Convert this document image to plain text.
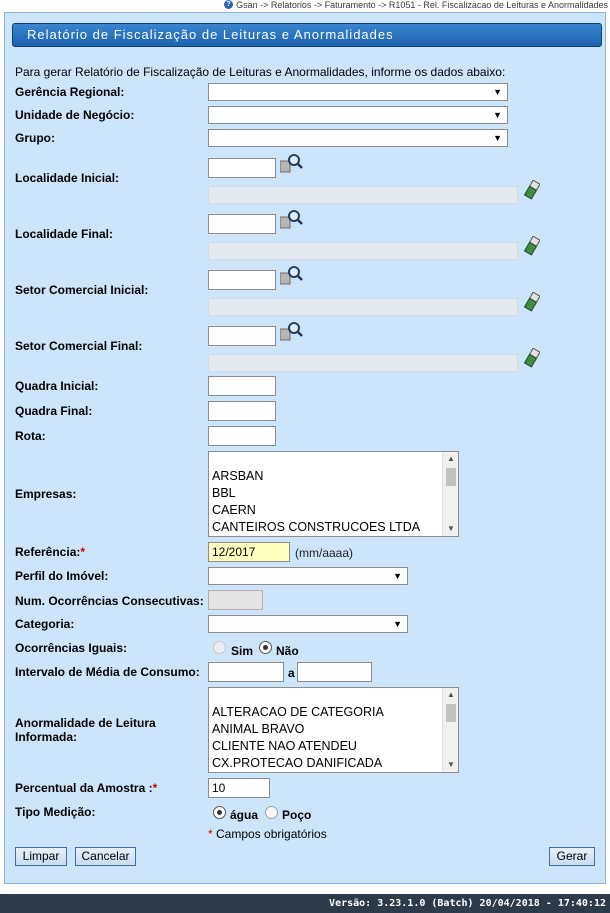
? Gsan -> Relatorios -> Faturamento -> R1051 - Rel. Fiscalizacao de Leituras e Anormalidades
Relatório de Fiscalização de Leituras e Anormalidades
Para gerar Relatório de Fiscalização de Leituras e Anormalidades, informe os dados abaixo:
Gerência Regional:	▼
Unidade de Negócio:	▼
Grupo:	▼
Localidade Inicial:
Localidade Final:
Setor Comercial Inicial:
Setor Comercial Final:
Quadra Inicial:
Quadra Final:
Rota:
Empresas:
ARSBAN
BBL
CAERN
CANTEIROS CONSTRUCOES LTDA
▲
▼
Referência:*	12/2017	(mm/aaaa)
Perfil do Imóvel:	▼
Num. Ocorrências Consecutivas:
Categoria:	▼
Ocorrências Iguais:	Sim Não
Intervalo de Média de Consumo:	a
Anormalidade de Leitura
Informada:
ALTERACAO DE CATEGORIA
ANIMAL BRAVO
CLIENTE NAO ATENDEU
CX.PROTECAO DANIFICADA
▲
▼
Percentual da Amostra :*	10
Tipo Medição:	água Poço
* Campos obrigatórios
Limpar	Cancelar	Gerar
Versão: 3.23.1.0 (Batch) 20/04/2018 - 17:40:12
